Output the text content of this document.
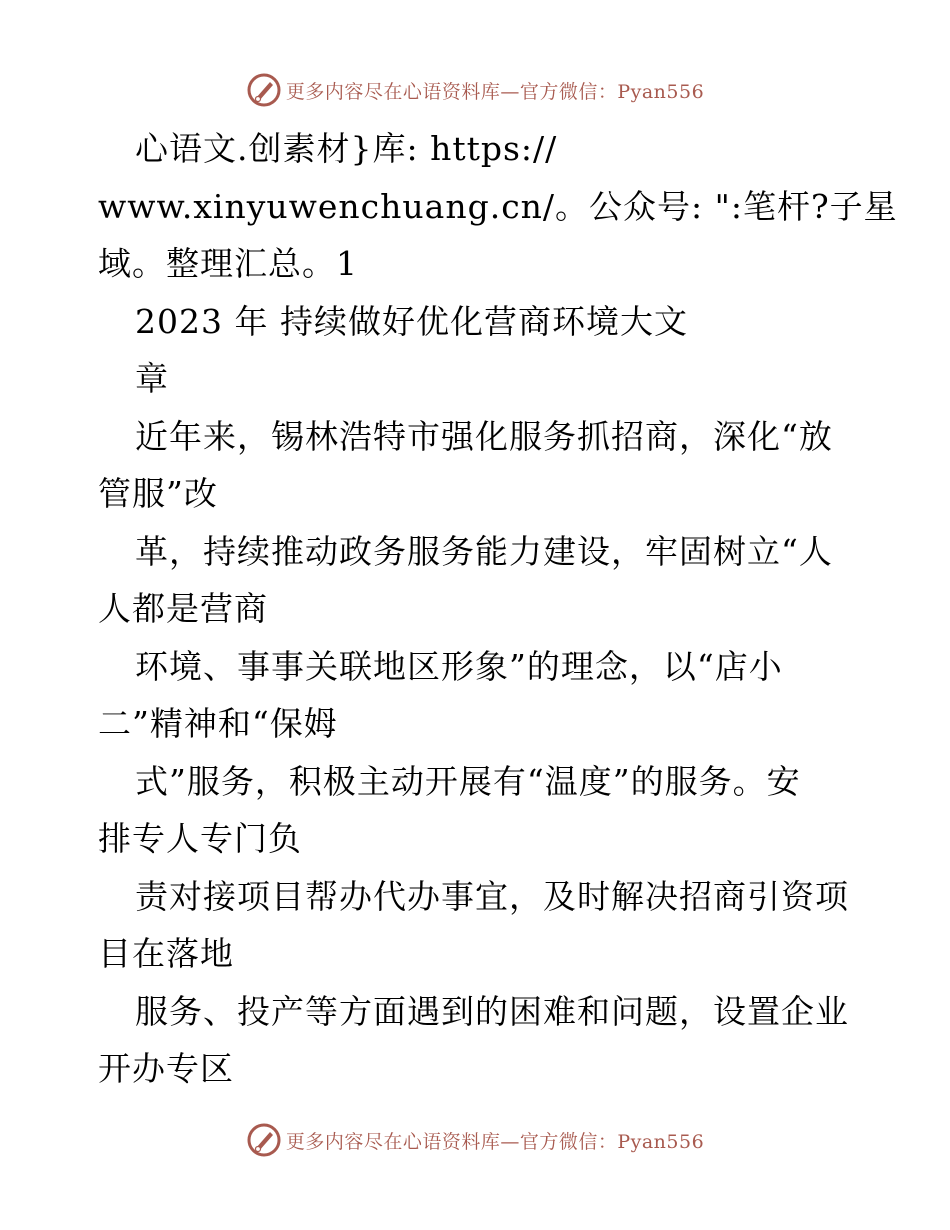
更多内容尽在心语资料库—官方微信：Pyan556
心语文.创素材}库: https://
www.xinyuwenchuang.cn/。公众号: ":笔杆?子星
域。整理汇总。1
2023 年 持续做好优化营商环境大文
章
近年来，锡林浩特市强化服务抓招商，深化“放
管服”改
革，持续推动政务服务能力建设，牢固树立“人
人都是营商
环境、事事关联地区形象”的理念，以“店小
二”精神和“保姆
式”服务，积极主动开展有“温度”的服务。安
排专人专门负
责对接项目帮办代办事宜，及时解决招商引资项
目在落地
服务、投产等方面遇到的困难和问题，设置企业
开办专区
更多内容尽在心语资料库—官方微信：Pyan556
